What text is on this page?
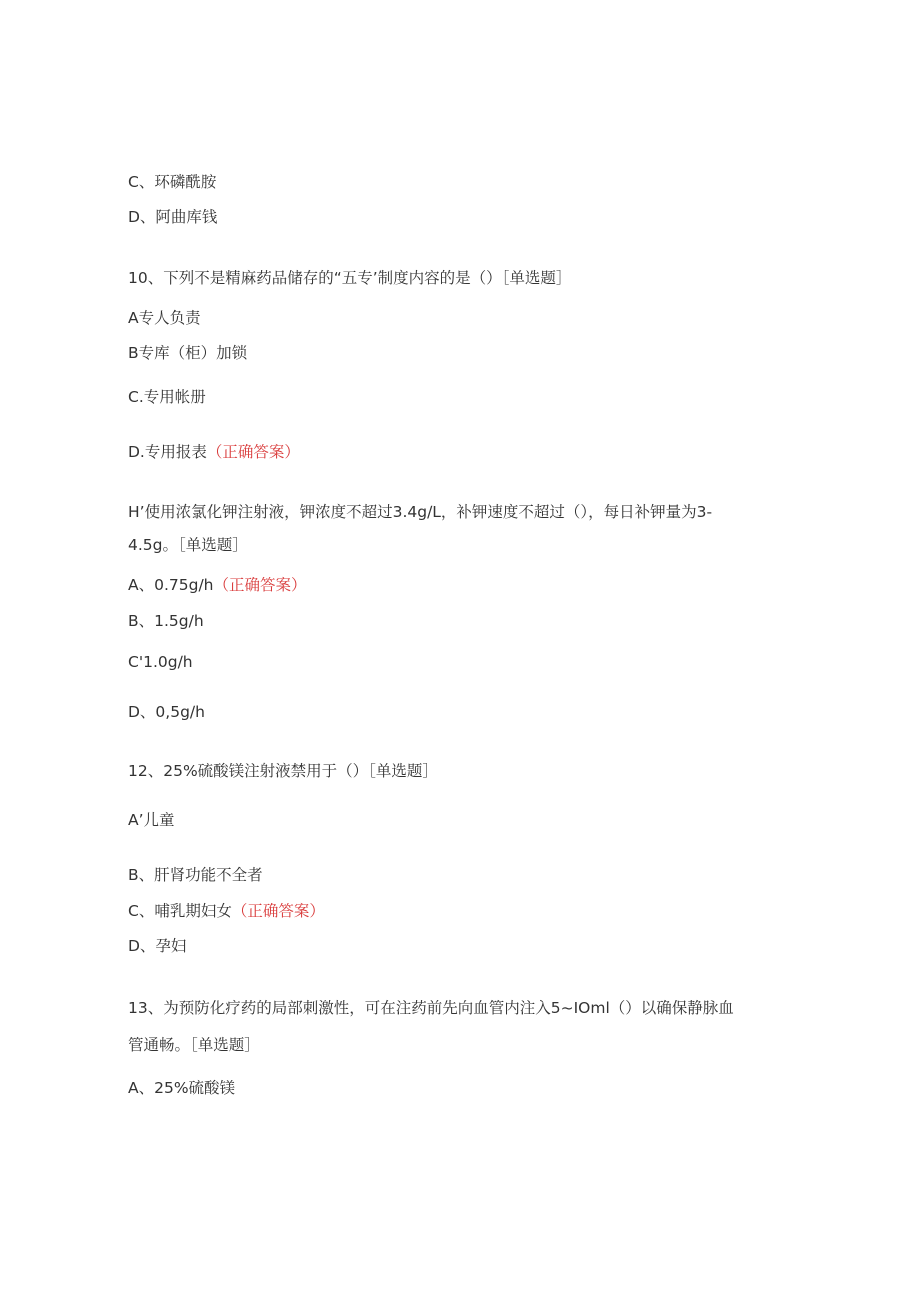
C、环磷酰胺
D、阿曲库钱
10、下列不是精麻药品储存的“五专’制度内容的是（）［单选题］
A专人负责
B专库（柜）加锁
C.专用帐册
D.专用报表（正确答案）
H’使用浓氯化钾注射液，钾浓度不超过3.4g∕L，补钾速度不超过（），每日补钾量为3-
4.5g。［单选题］
A、0.75g/h（正确答案）
B、1.5g/h
C'1.0g∕h
D、0,5g∕h
12、25%硫酸镁注射液禁用于（）［单选题］
A’儿童
B、肝肾功能不全者
C、哺乳期妇女（正确答案）
D、孕妇
13、为预防化疗药的局部刺激性，可在注药前先向血管内注入5~IOml（）以确保静脉血
管通畅。［单选题］
A、25%硫酸镁
